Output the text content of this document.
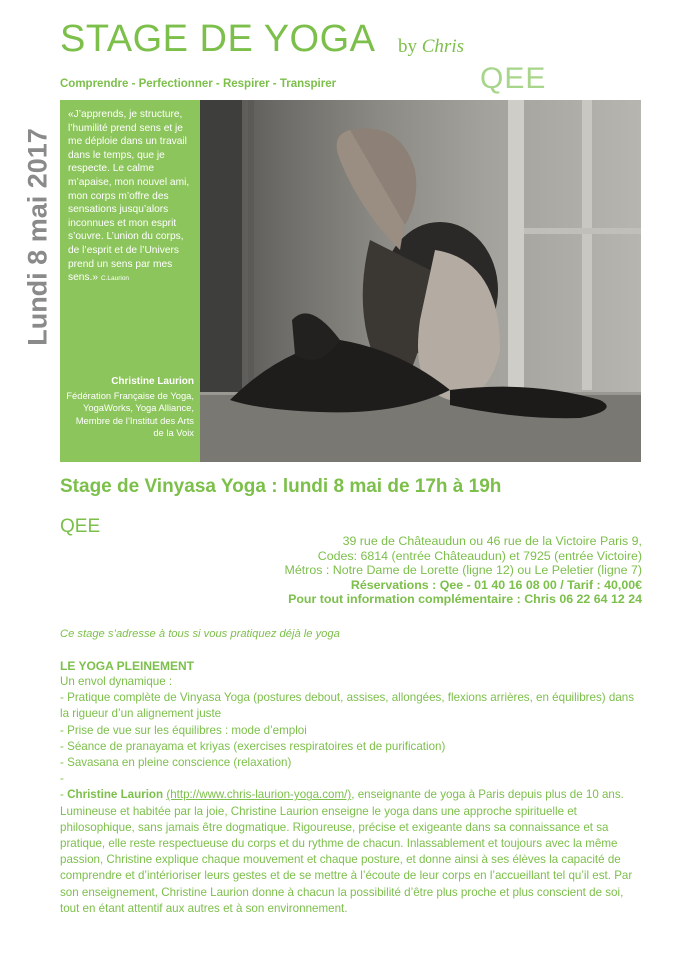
STAGE DE YOGA by Chris
Comprendre - Perfectionner - Respirer - Transpirer	QEE
Lundi 8 mai 2017
«J’apprends, je structure, l’humilité prend sens et je me déploie dans un travail dans le temps, que je respecte. Le calme m’apaise, mon nouvel ami, mon corps m’offre des sensations jusqu’alors inconnues et mon esprit s’ouvre. L’union du corps, de l’esprit et de l’Univers prend un sens par mes sens.» C.Laurion
Christine Laurion
Fédération Française de Yoga, YogaWorks, Yoga Alliance, Membre de l’Institut des Arts de la Voix
Stage de Vinyasa Yoga : lundi 8 mai de 17h à 19h
QEE
39 rue de Châteaudun ou 46 rue de la Victoire Paris 9,
Codes: 6814 (entrée Châteaudun) et 7925 (entrée Victoire)
Métros : Notre Dame de Lorette (ligne 12) ou Le Peletier (ligne 7)
Réservations : Qee - 01 40 16 08 00 / Tarif : 40,00€
Pour tout information complémentaire : Chris 06 22 64 12 24
Ce stage s’adresse à tous si vous pratiquez déjà le yoga
LE YOGA PLEINEMENT

Un envol dynamique :

- Pratique complète de Vinyasa Yoga (postures debout, assises, allongées, flexions arrières, en équilibres) dans la rigueur d’un alignement juste

- Prise de vue sur les équilibres : mode d’emploi

- Séance de pranayama et kriyas (exercises respiratoires et de purification)

- Savasana en pleine conscience (relaxation)

-

- Christine Laurion (http://www.chris-laurion-yoga.com/), enseignante de yoga à Paris depuis plus de 10 ans. Lumineuse et habitée par la joie, Christine Laurion enseigne le yoga dans une approche spirituelle et philosophique, sans jamais être dogmatique. Rigoureuse, précise et exigeante dans sa connaissance et sa pratique, elle reste respectueuse du corps et du rythme de chacun. Inlassablement et toujours avec la même passion, Christine explique chaque mouvement et chaque posture, et donne ainsi à ses élèves la capacité de comprendre et d’intérioriser leurs gestes et de se mettre à l’écoute de leur corps en l’accueillant tel qu’il est. Par son enseignement, Christine Laurion donne à chacun la possibilité d’être plus proche et plus conscient de soi, tout en étant attentif aux autres et à son environnement.
